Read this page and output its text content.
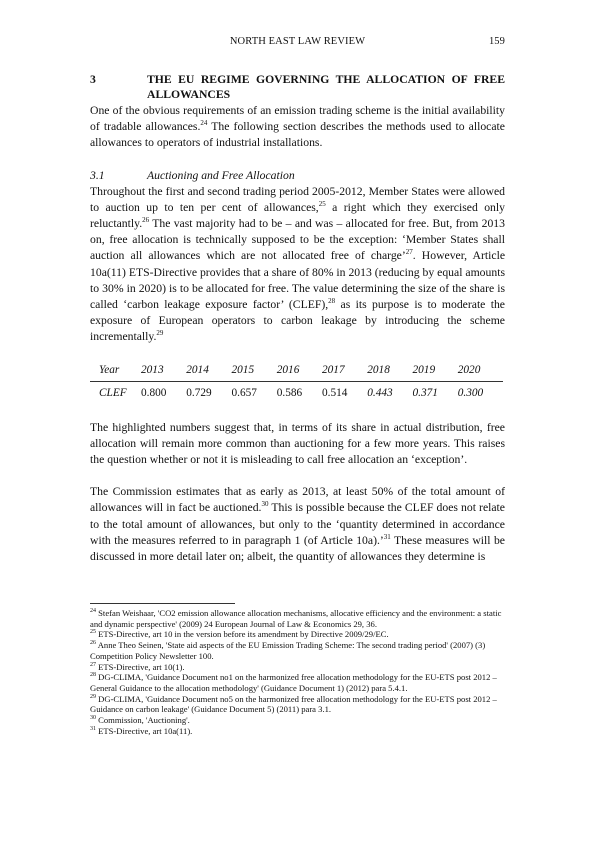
NORTH EAST LAW REVIEW	159
3	THE EU REGIME GOVERNING THE ALLOCATION OF FREE ALLOWANCES

One of the obvious requirements of an emission trading scheme is the initial availability of tradable allowances.$^{24}$ The following section describes the methods used to allocate allowances to operators of industrial installations.

3.1	Auctioning and Free Allocation

Throughout the first and second trading period 2005-2012, Member States were allowed to auction up to ten per cent of allowances,$^{25}$ a right which they exercised only reluctantly.$^{26}$ The vast majority had to be – and was – allocated for free. But, from 2013 on, free allocation is technically supposed to be the exception: ‘Member States shall auction all allowances which are not allocated free of charge’$^{27}$. However, Article 10a(11) ETS-Directive provides that a share of 80% in 2013 (reducing by equal amounts to 30% in 2020) is to be allocated for free. The value determining the size of the share is called ‘carbon leakage exposure factor’ (CLEF),$^{28}$ as its purpose is to moderate the exposure of European operators to carbon leakage by introducing the scheme incrementally.$^{29}$

Year	2013	2014	2015	2016	2017	2018	2019	2020
CLEF	0.800	0.729	0.657	0.586	0.514	0.443	0.371	0.300

The highlighted numbers suggest that, in terms of its share in actual distribution, free allocation will remain more common than auctioning for a few more years. This raises the question whether or not it is misleading to call free allocation an ‘exception’.

The Commission estimates that as early as 2013, at least 50% of the total amount of allowances will in fact be auctioned.$^{30}$ This is possible because the CLEF does not relate to the total amount of allowances, but only to the ‘quantity determined in accordance with the measures referred to in paragraph 1 (of Article 10a).’$^{31}$ These measures will be discussed in more detail later on; albeit, the quantity of allowances they determine is

$^{24}$ Stefan Weishaar, 'CO2 emission allowance allocation mechanisms, allocative efficiency and the environment: a static and dynamic perspective' (2009) 24 European Journal of Law & Economics 29, 36.

$^{25}$ ETS-Directive, art 10 in the version before its amendment by Directive 2009/29/EC.

$^{26}$ Anne Theo Seinen, 'State aid aspects of the EU Emission Trading Scheme: The second trading period' (2007) (3) Competition Policy Newsletter 100.

$^{27}$ ETS-Directive, art 10(1).

$^{28}$ DG-CLIMA, 'Guidance Document no1 on the harmonized free allocation methodology for the EU-ETS post 2012 – General Guidance to the allocation methodology' (Guidance Document 1) (2012) para 5.4.1.

$^{29}$ DG-CLIMA, 'Guidance Document no5 on the harmonized free allocation methodology for the EU-ETS post 2012 – Guidance on carbon leakage' (Guidance Document 5) (2011) para 3.1.

$^{30}$ Commission, 'Auctioning'.

$^{31}$ ETS-Directive, art 10a(11).
